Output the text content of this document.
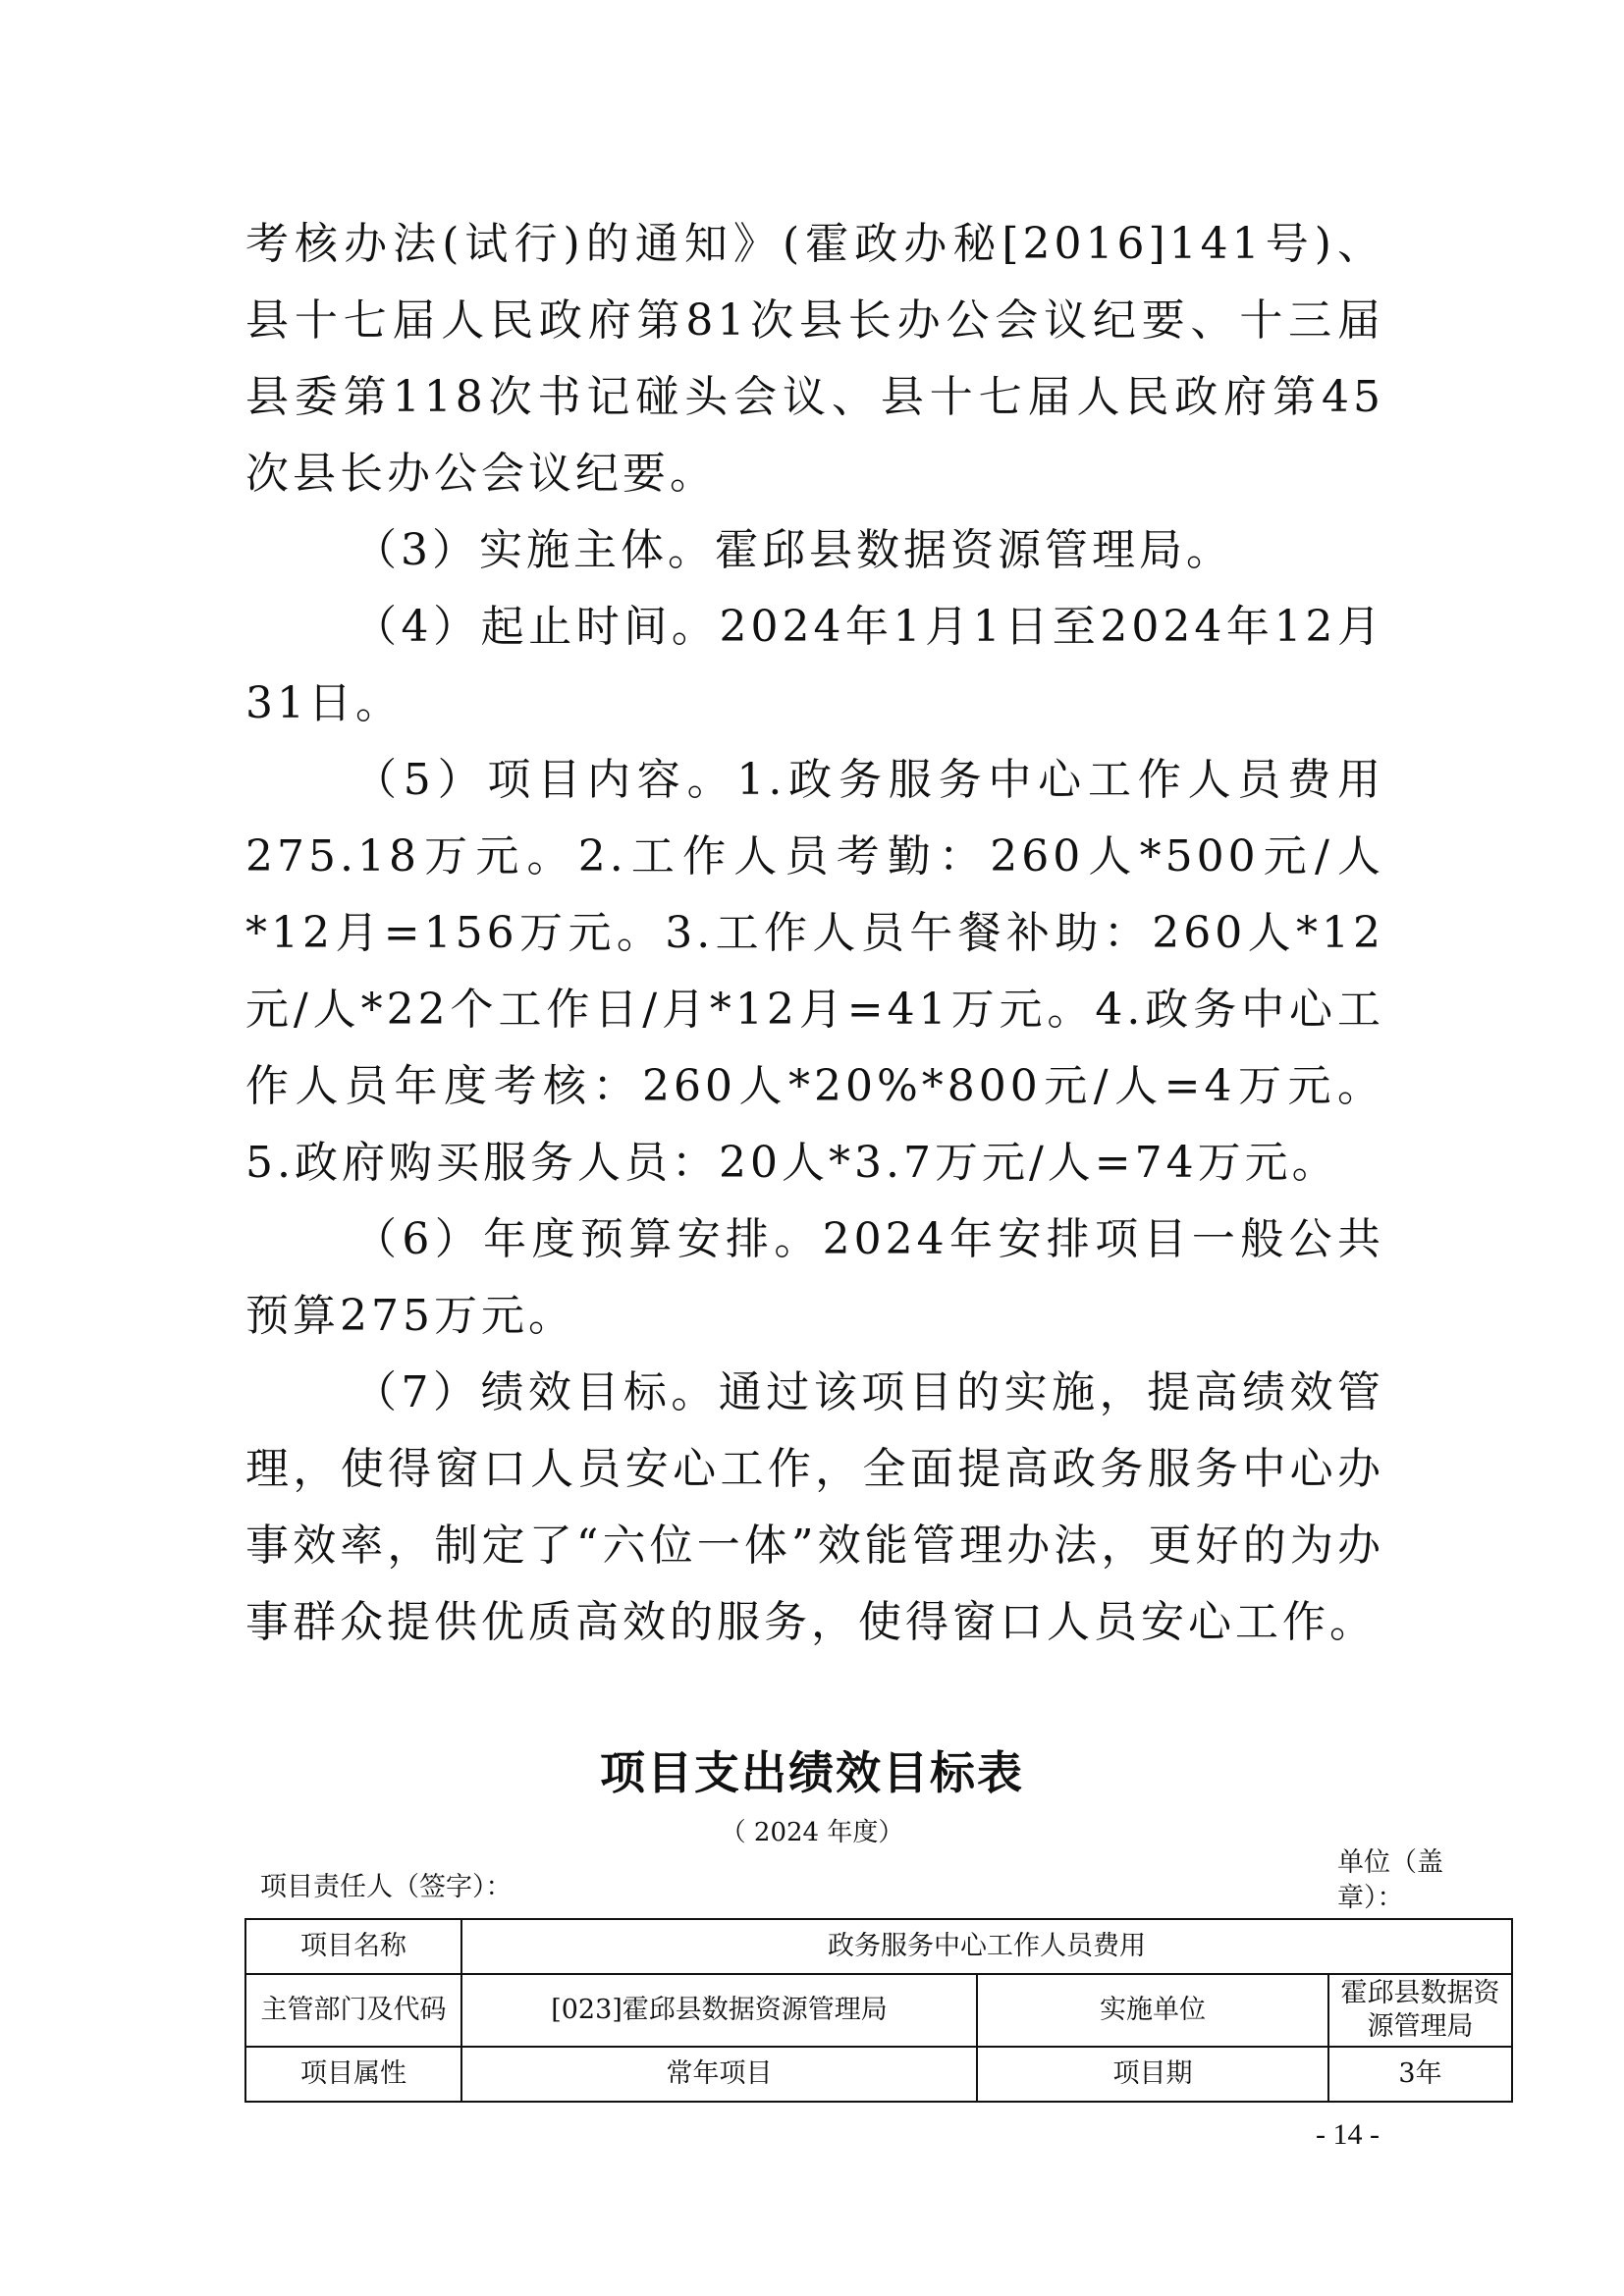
考核办法(试行)的通知》(霍政办秘[2016]141号)、县十七届人民政府第81次县长办公会议纪要、十三届县委第118次书记碰头会议、县十七届人民政府第45次县长办公会议纪要。

（3）实施主体。霍邱县数据资源管理局。

（4）起止时间。2024年1月1日至2024年12月31日。

（5）项目内容。1.政务服务中心工作人员费用275.18万元。2.工作人员考勤：260人*500元/人*12月=156万元。3.工作人员午餐补助：260人*12元/人*22个工作日/月*12月=41万元。4.政务中心工作人员年度考核：260人*20%*800元/人=4万元。5.政府购买服务人员：20人*3.7万元/人=74万元。

（6）年度预算安排。2024年安排项目一般公共预算275万元。

（7）绩效目标。通过该项目的实施，提高绩效管理，使得窗口人员安心工作，全面提高政务服务中心办事效率，制定了“六位一体”效能管理办法，更好的为办事群众提供优质高效的服务，使得窗口人员安心工作。

项目支出绩效目标表
（ 2024 年度）
项目责任人（签字）：
单位（盖章）：
项目名称	政务服务中心工作人员费用		
主管部门及代码	[023]霍邱县数据资源管理局	实施单位	霍邱县数据资源管理局
项目属性	常年项目	项目期	3年
- 14 -
